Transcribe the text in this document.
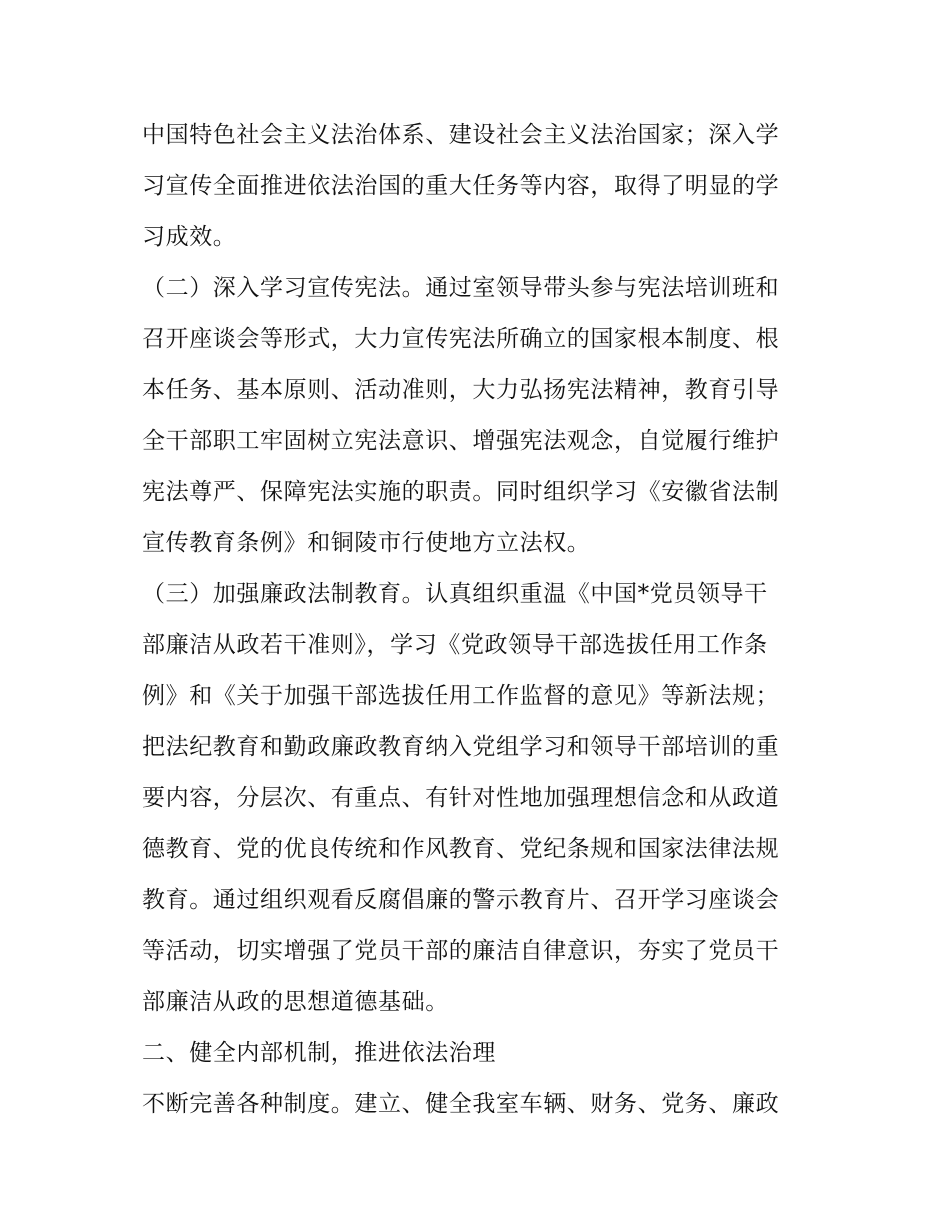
中国特色社会主义法治体系、建设社会主义法治国家；深入学
习宣传全面推进依法治国的重大任务等内容，取得了明显的学
习成效。
（二）深入学习宣传宪法。通过室领导带头参与宪法培训班和
召开座谈会等形式，大力宣传宪法所确立的国家根本制度、根
本任务、基本原则、活动准则，大力弘扬宪法精神，教育引导
全干部职工牢固树立宪法意识、增强宪法观念，自觉履行维护
宪法尊严、保障宪法实施的职责。同时组织学习《安徽省法制
宣传教育条例》和铜陵市行使地方立法权。
（三）加强廉政法制教育。认真组织重温《中国*党员领导干
部廉洁从政若干准则》，学习《党政领导干部选拔任用工作条
例》和《关于加强干部选拔任用工作监督的意见》等新法规；
把法纪教育和勤政廉政教育纳入党组学习和领导干部培训的重
要内容，分层次、有重点、有针对性地加强理想信念和从政道
德教育、党的优良传统和作风教育、党纪条规和国家法律法规
教育。通过组织观看反腐倡廉的警示教育片、召开学习座谈会
等活动，切实增强了党员干部的廉洁自律意识，夯实了党员干
部廉洁从政的思想道德基础。
二、健全内部机制，推进依法治理
不断完善各种制度。建立、健全我室车辆、财务、党务、廉政
